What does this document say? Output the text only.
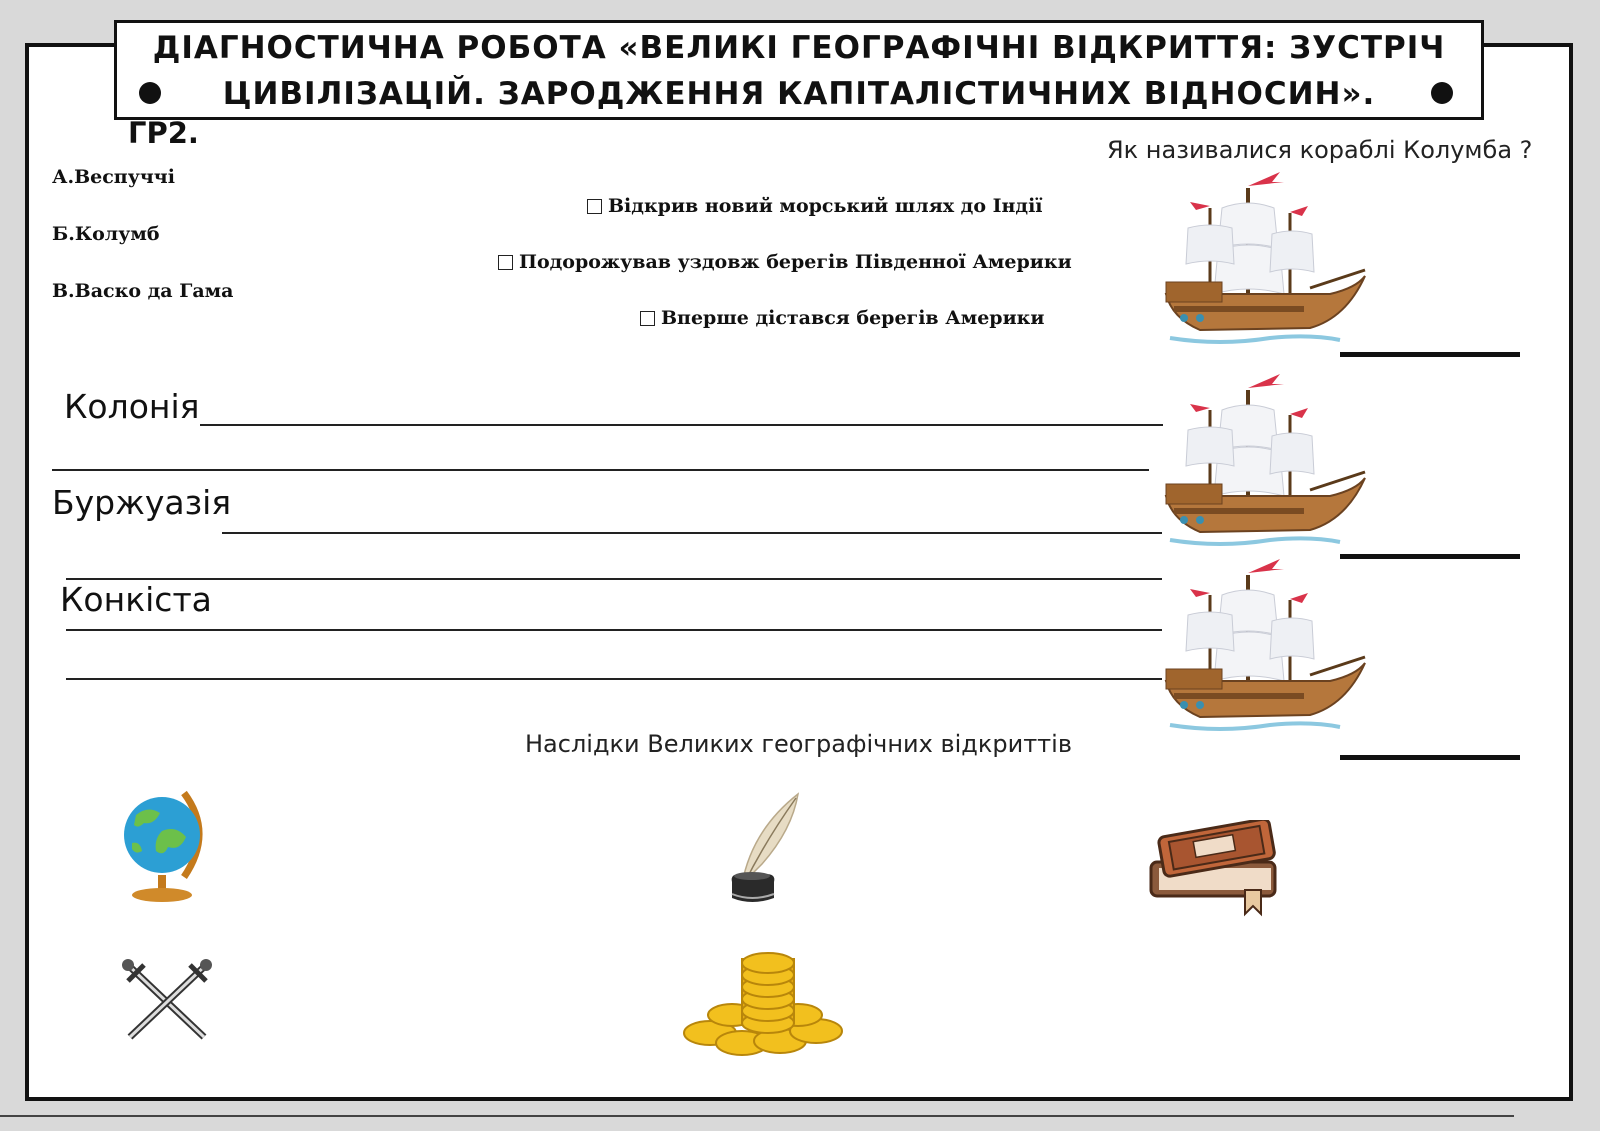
ДІАГНОСТИЧНА РОБОТА «ВЕЛИКІ ГЕОГРАФІЧНІ ВІДКРИТТЯ: ЗУСТРІЧ
ЦИВІЛІЗАЦІЙ. ЗАРОДЖЕННЯ КАПІТАЛІСТИЧНИХ ВІДНОСИН».
ГР2.
А.Веспуччі
Б.Колумб
В.Васко да Гама
Відкрив новий морський шлях до Індії
Подорожував уздовж берегів Південної Америки
Вперше дістався берегів Америки
Як називалися кораблі Колумба ?
Колонія
Буржуазія
Конкіста
Наслідки Великих географічних відкриттів
